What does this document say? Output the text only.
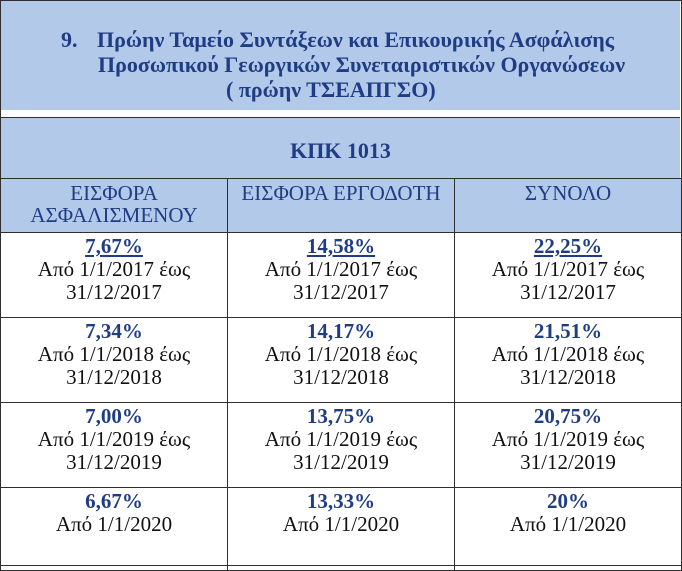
9. Πρώην Ταμείο Συντάξεων και Επικουρικής Ασφάλισης
Προσωπικού Γεωργικών Συνεταιριστικών Οργανώσεων
( πρώην ΤΣΕΑΠΓΣΟ)
ΚΠΚ 1013
ΕΙΣΦΟΡΑ ΑΣΦΑΛΙΣΜΕΝΟΥ	ΕΙΣΦΟΡΑ ΕΡΓΟΔΟΤΗ	ΣΥΝΟΛΟ

7,67%
Από 1/1/2017 έως
31/12/2017	14,58%
Από 1/1/2017 έως
31/12/2017	22,25%
Από 1/1/2017 έως
31/12/2017

7,34%
Από 1/1/2018 έως
31/12/2018	14,17%
Από 1/1/2018 έως
31/12/2018	21,51%
Από 1/1/2018 έως
31/12/2018

7,00%
Από 1/1/2019 έως
31/12/2019	13,75%
Από 1/1/2019 έως
31/12/2019	20,75%
Από 1/1/2019 έως
31/12/2019

6,67%
Από 1/1/2020	13,33%
Από 1/1/2020	20%
Από 1/1/2020
